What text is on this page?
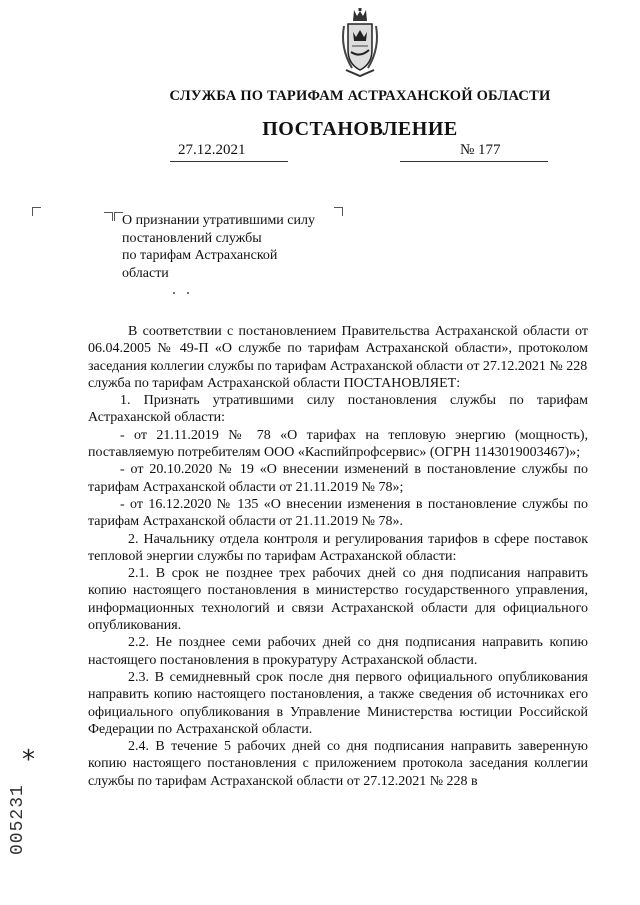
СЛУЖБА ПО ТАРИФАМ АСТРАХАНСКОЙ ОБЛАСТИ
ПОСТАНОВЛЕНИЕ
27.12.2021	№ 177
О признании утратившими силу
постановлений службы
по тарифам Астраханской
области

В соответствии с постановлением Правительства Астраханской области от 06.04.2005 № 49-П «О службе по тарифам Астраханской области», протоколом заседания коллегии службы по тарифам Астраханской области от 27.12.2021 № 228

служба по тарифам Астраханской области ПОСТАНОВЛЯЕТ:

1. Признать утратившими силу постановления службы по тарифам Астраханской области:

- от 21.11.2019 № 78 «О тарифах на тепловую энергию (мощность), поставляемую потребителям ООО «Каспийпрофсервис» (ОГРН 1143019003467)»;

- от 20.10.2020 № 19 «О внесении изменений в постановление службы по тарифам Астраханской области от 21.11.2019 № 78»;

- от 16.12.2020 № 135 «О внесении изменения в постановление службы по тарифам Астраханской области от 21.11.2019 № 78».

2. Начальнику отдела контроля и регулирования тарифов в сфере поставок тепловой энергии службы по тарифам Астраханской области:

2.1. В срок не позднее трех рабочих дней со дня подписания направить копию настоящего постановления в министерство государственного управления, информационных технологий и связи Астраханской области для официального опубликования.

2.2. Не позднее семи рабочих дней со дня подписания направить копию настоящего постановления в прокуратуру Астраханской области.

2.3. В семидневный срок после дня первого официального опубликования направить копию настоящего постановления, а также сведения об источниках его официального опубликования в Управление Министерства юстиции Российской Федерации по Астраханской области.

2.4. В течение 5 рабочих дней со дня подписания направить заверенную копию настоящего постановления с приложением протокола заседания коллегии службы по тарифам Астраханской области от 27.12.2021 № 228 в

*
005231
